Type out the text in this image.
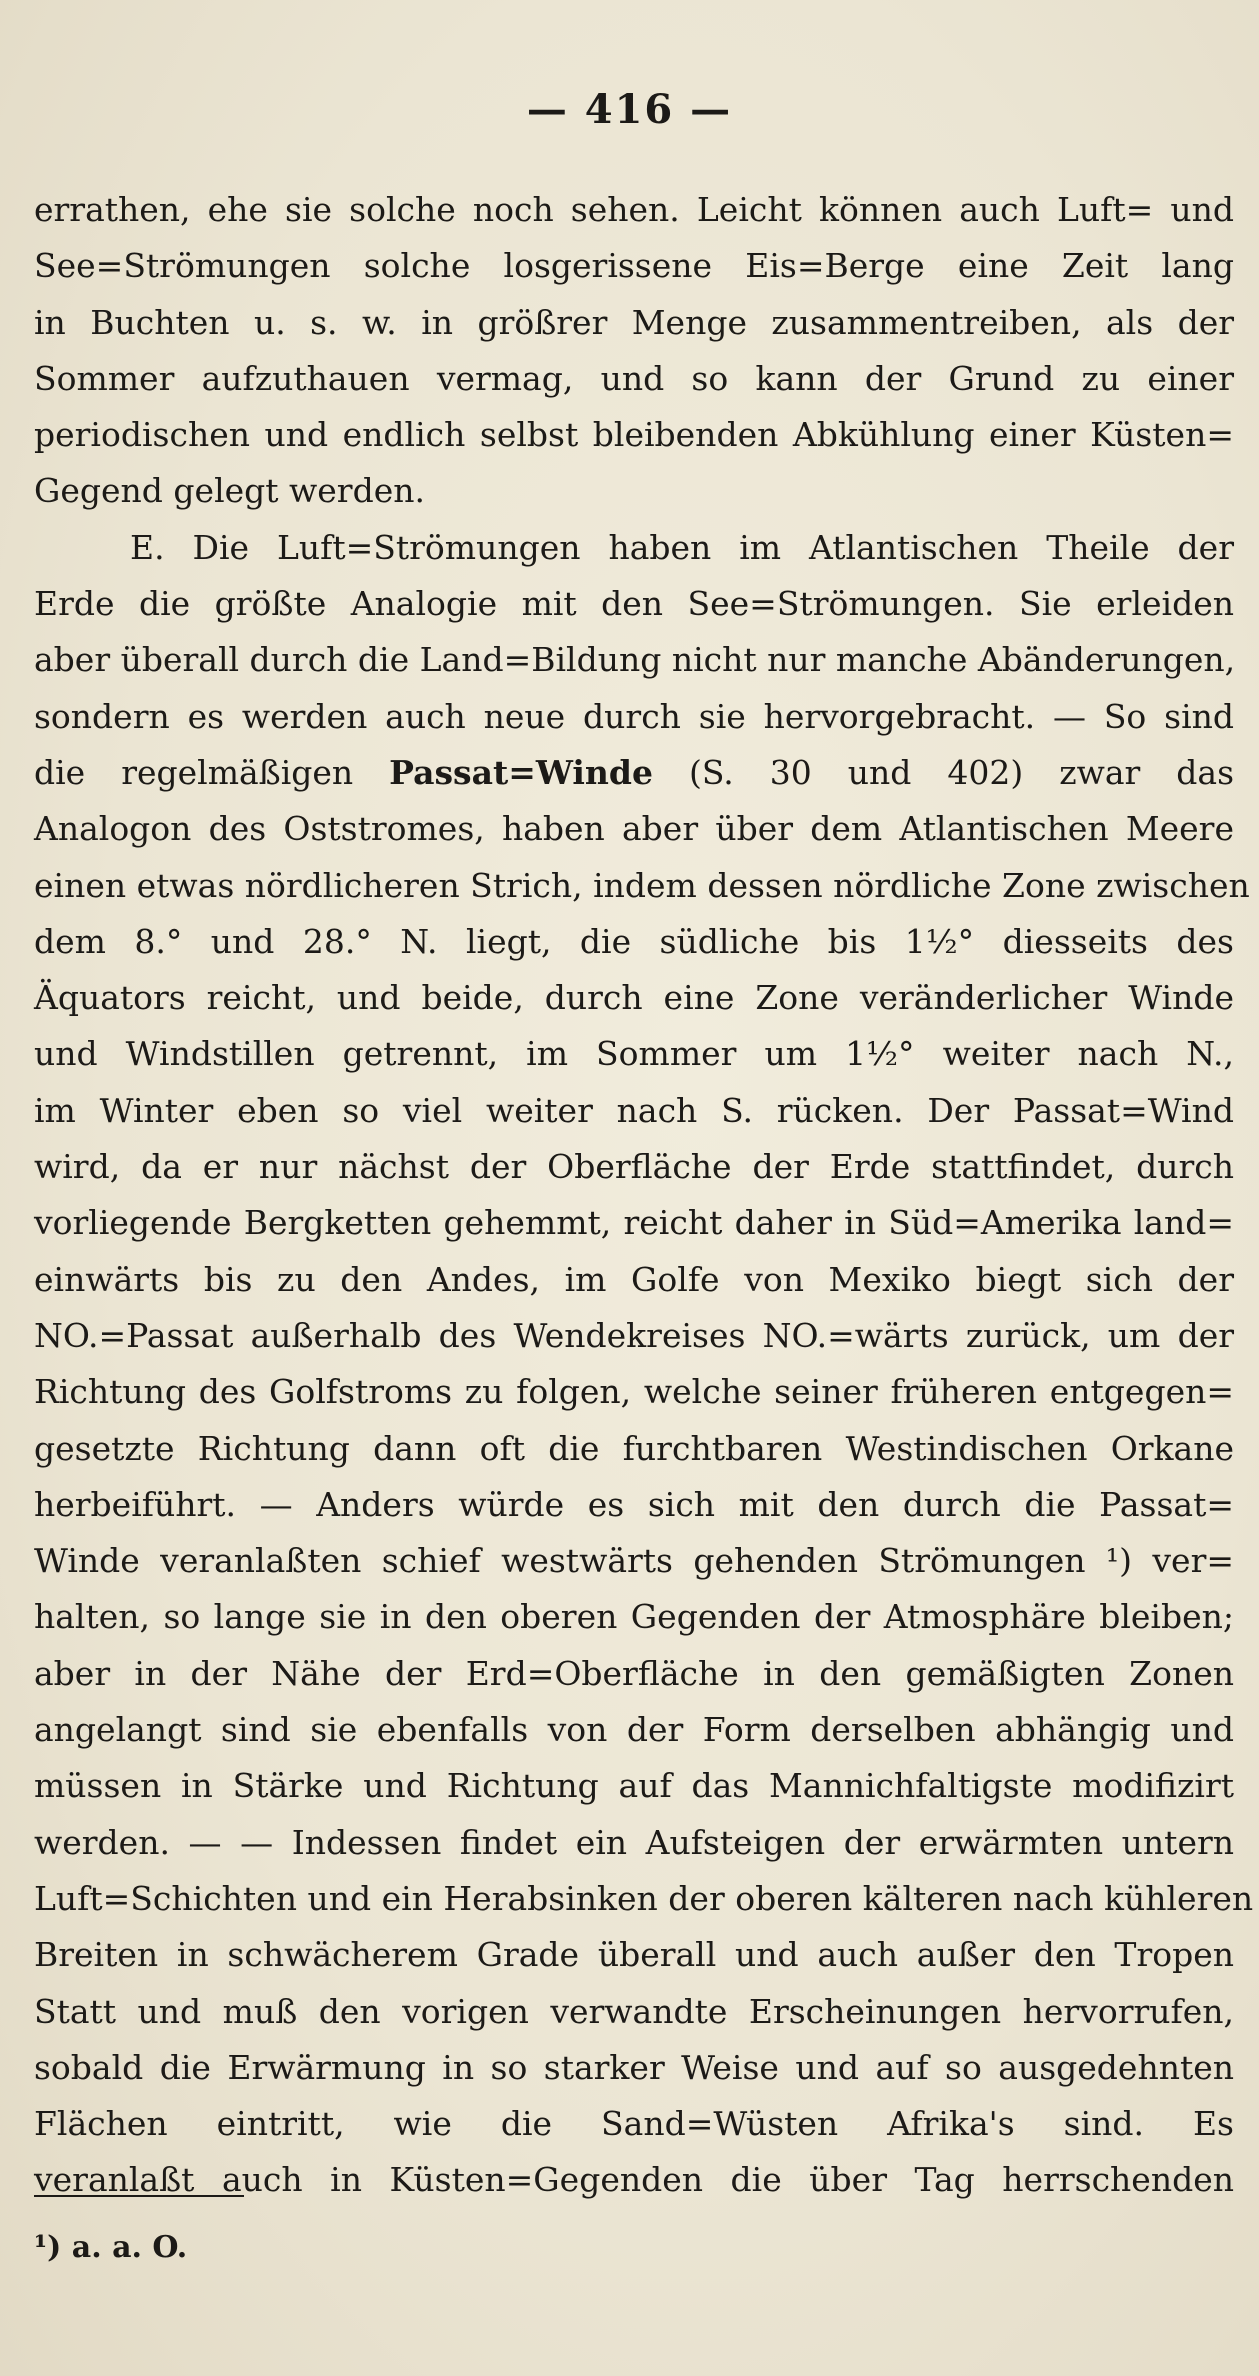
— 416 —
errathen, ehe sie solche noch sehen. Leicht können auch Luft= und
See=Strömungen solche losgerissene Eis=Berge eine Zeit lang
in Buchten u. s. w. in größrer Menge zusammentreiben, als der
Sommer aufzuthauen vermag, und so kann der Grund zu einer
periodischen und endlich selbst bleibenden Abkühlung einer Küsten=
Gegend gelegt werden.
E. Die Luft=Strömungen haben im Atlantischen Theile der
Erde die größte Analogie mit den See=Strömungen. Sie erleiden
aber überall durch die Land=Bildung nicht nur manche Abänderungen,
sondern es werden auch neue durch sie hervorgebracht. — So sind
die regelmäßigen Passat=Winde (S. 30 und 402) zwar das
Analogon des Oststromes, haben aber über dem Atlantischen Meere
einen etwas nördlicheren Strich, indem dessen nördliche Zone zwischen
dem 8.° und 28.° N. liegt, die südliche bis 1½° diesseits des
Äquators reicht, und beide, durch eine Zone veränderlicher Winde
und Windstillen getrennt, im Sommer um 1½° weiter nach N.,
im Winter eben so viel weiter nach S. rücken. Der Passat=Wind
wird, da er nur nächst der Oberfläche der Erde stattfindet, durch
vorliegende Bergketten gehemmt, reicht daher in Süd=Amerika land=
einwärts bis zu den Andes, im Golfe von Mexiko biegt sich der
NO.=Passat außerhalb des Wendekreises NO.=wärts zurück, um der
Richtung des Golfstroms zu folgen, welche seiner früheren entgegen=
gesetzte Richtung dann oft die furchtbaren Westindischen Orkane
herbeiführt. — Anders würde es sich mit den durch die Passat=
Winde veranlaßten schief westwärts gehenden Strömungen ¹) ver=
halten, so lange sie in den oberen Gegenden der Atmosphäre bleiben;
aber in der Nähe der Erd=Oberfläche in den gemäßigten Zonen
angelangt sind sie ebenfalls von der Form derselben abhängig und
müssen in Stärke und Richtung auf das Mannichfaltigste modifizirt
werden. — — Indessen findet ein Aufsteigen der erwärmten untern
Luft=Schichten und ein Herabsinken der oberen kälteren nach kühleren
Breiten in schwächerem Grade überall und auch außer den Tropen
Statt und muß den vorigen verwandte Erscheinungen hervorrufen,
sobald die Erwärmung in so starker Weise und auf so ausgedehnten
Flächen eintritt, wie die Sand=Wüsten Afrika's sind. Es
veranlaßt auch in Küsten=Gegenden die über Tag herrschenden
¹) a. a. O.
